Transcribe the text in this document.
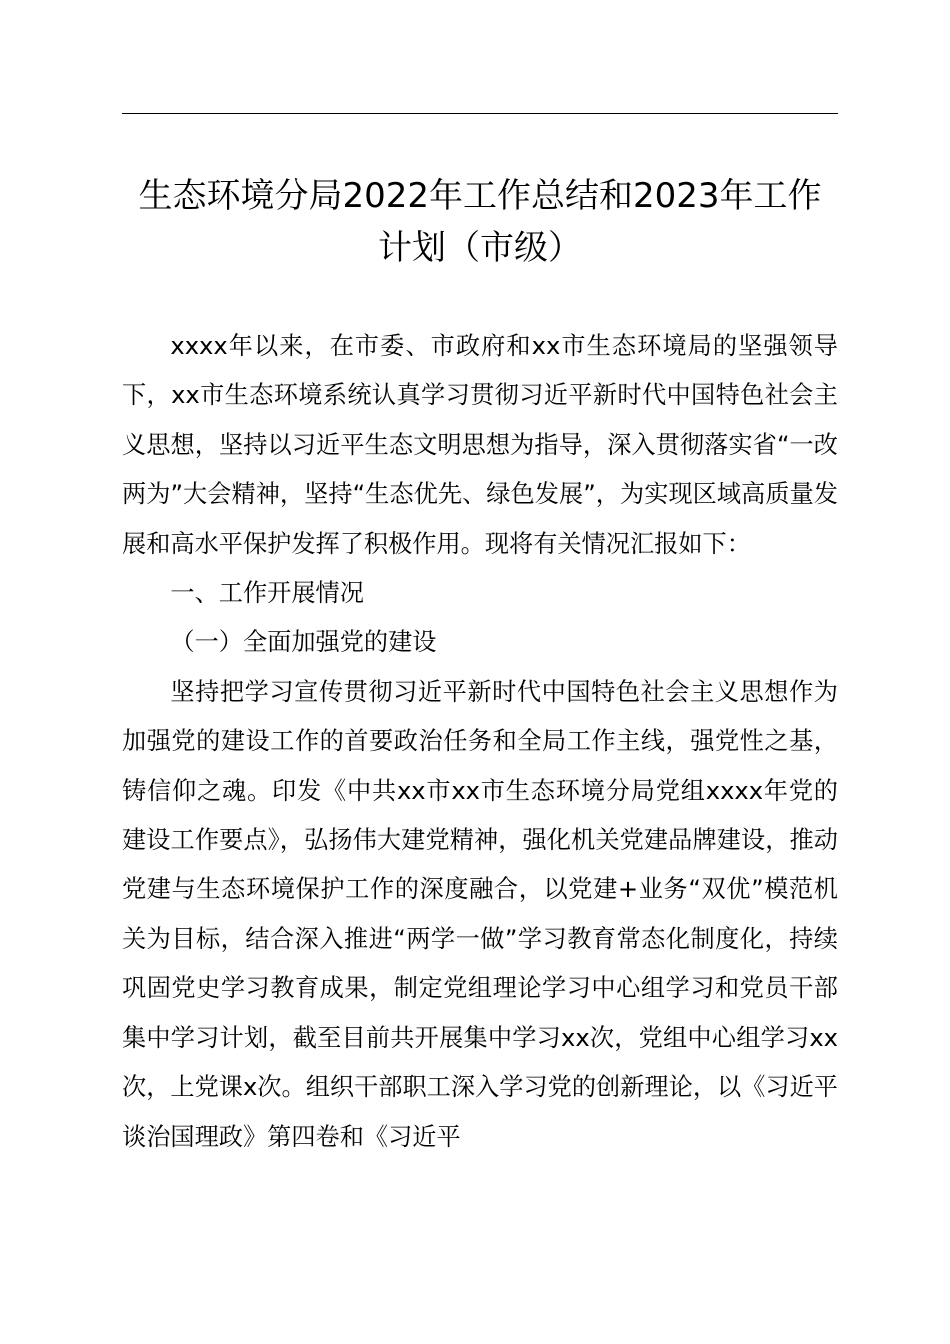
生态环境分局2022年工作总结和2023年工作
计划（市级）

xxxx年以来，在市委、市政府和xx市生态环境局的坚强领导下，xx市生态环境系统认真学习贯彻习近平新时代中国特色社会主义思想，坚持以习近平生态文明思想为指导，深入贯彻落实省“一改两为”大会精神，坚持“生态优先、绿色发展”，为实现区域高质量发展和高水平保护发挥了积极作用。现将有关情况汇报如下：

一、工作开展情况

（一）全面加强党的建设

坚持把学习宣传贯彻习近平新时代中国特色社会主义思想作为加强党的建设工作的首要政治任务和全局工作主线，强党性之基，铸信仰之魂。印发《中共xx市xx市生态环境分局党组xxxx年党的建设工作要点》，弘扬伟大建党精神，强化机关党建品牌建设，推动党建与生态环境保护工作的深度融合，以党建+业务“双优”模范机关为目标，结合深入推进“两学一做”学习教育常态化制度化，持续巩固党史学习教育成果，制定党组理论学习中心组学习和党员干部集中学习计划，截至目前共开展集中学习xx次，党组中心组学习xx次，上党课x次。组织干部职工深入学习党的创新理论，以《习近平谈治国理政》第四卷和《习近平
